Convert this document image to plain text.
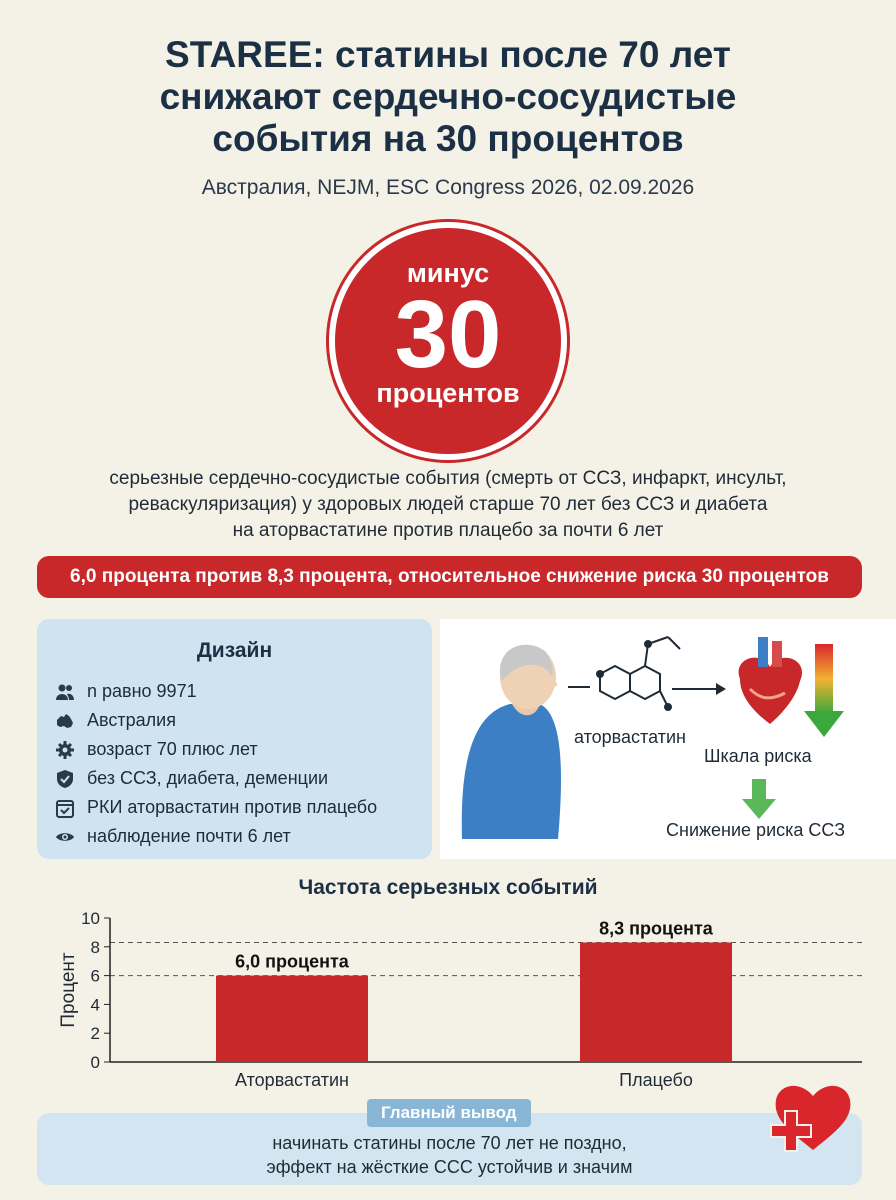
STAREE: статины после 70 лет
снижают сердечно-сосудистые
события на 30 процентов
Австралия, NEJM, ESC Congress 2026, 02.09.2026
минус
30
процентов
серьезные сердечно-сосудистые события (смерть от ССЗ, инфаркт, инсульт,
реваскуляризация) у здоровых людей старше 70 лет без ССЗ и диабета
на аторвастатине против плацебо за почти 6 лет
6,0 процента против 8,3 процента, относительное снижение риска 30 процентов
Дизайн
n равно 9971
Австралия
возраст 70 плюс лет
без ССЗ, диабета, деменции
РКИ аторвастатин против плацебо
наблюдение почти 6 лет
аторвастатин
Шкала риска
Снижение риска ССЗ
Частота серьезных событий
0
2
4
6
8
10
Процент	6,0 процента
Аторвастатин
8,3 процента
Плацебо
Главный вывод
начинать статины после 70 лет не поздно,
эффект на жёсткие ССС устойчив и значим
